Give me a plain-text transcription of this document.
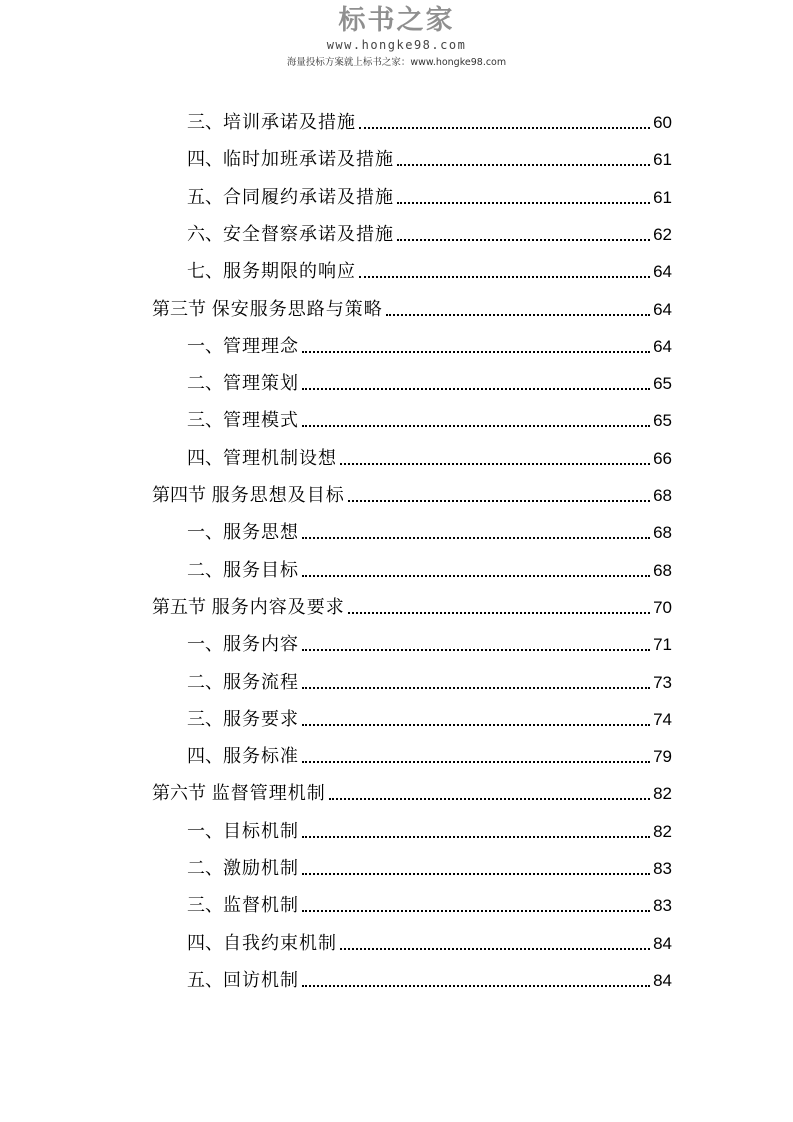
标书之家
www.hongke98.com
海量投标方案就上标书之家：www.hongke98.com
三、 培训承诺及措施	60
四、 临时加班承诺及措施	61
五、 合同履约承诺及措施	61
六、 安全督察承诺及措施	62
七、 服务期限的响应	64
第三节 保安服务思路与策略	64
一、 管理理念	64
二、 管理策划	65
三、 管理模式	65
四、 管理机制设想	66
第四节 服务思想及目标	68
一、 服务思想	68
二、 服务目标	68
第五节 服务内容及要求	70
一、 服务内容	71
二、 服务流程	73
三、 服务要求	74
四、 服务标准	79
第六节 监督管理机制	82
一、 目标机制	82
二、 激励机制	83
三、 监督机制	83
四、 自我约束机制	84
五、 回访机制	84
